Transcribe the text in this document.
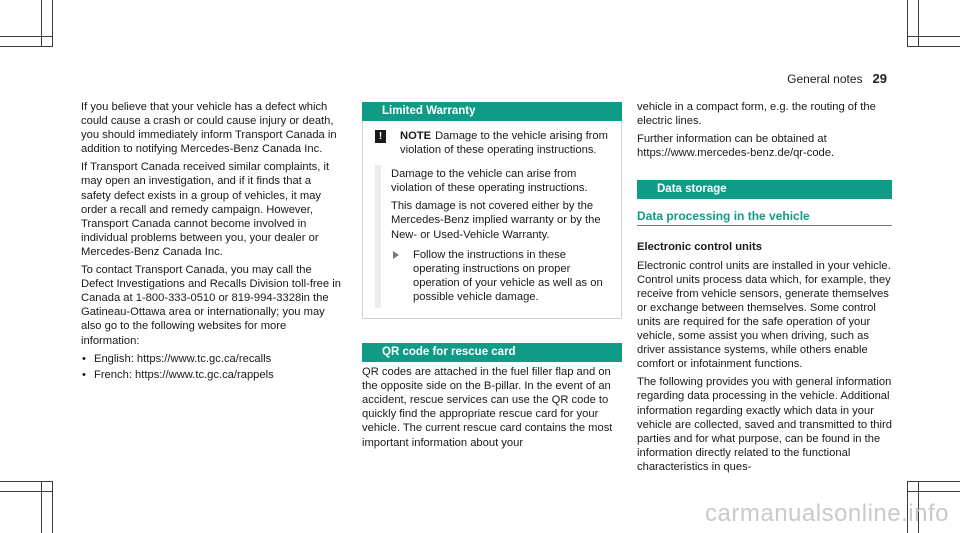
General notes 29

If you believe that your vehicle has a defect which could cause a crash or could cause injury or death, you should immediately inform Transport Canada in addition to notifying Mercedes-Benz Canada Inc.

If Transport Canada received similar complaints, it may open an investigation, and if it finds that a safety defect exists in a group of vehicles, it may order a recall and remedy campaign. However, Transport Canada cannot become involved in individual problems between you, your dealer or Mercedes-Benz Canada Inc.

To contact Transport Canada, you may call the Defect Investigations and Recalls Division toll-free in Canada at 1-800-333-0510 or 819-994-3328in the Gatineau-Ottawa area or internationally; you may also go to the following websites for more information:

• English: https://www.tc.gc.ca/recalls
• French: https://www.tc.gc.ca/rappels
Limited Warranty
!	NOTE Damage to the vehicle arising from violation of these operating instructions.

Damage to the vehicle can arise from violation of these operating instructions.

This damage is not covered either by the Mercedes-Benz implied warranty or by the New- or Used-Vehicle Warranty.

Follow the instructions in these operating instructions on proper operation of your vehicle as well as on possible vehicle damage.
QR code for rescue card

QR codes are attached in the fuel filler flap and on the opposite side on the B-pillar. In the event of an accident, rescue services can use the QR code to quickly find the appropriate rescue card for your vehicle. The current rescue card contains the most important information about your

vehicle in a compact form, e.g. the routing of the electric lines.

Further information can be obtained at https://www.mercedes-benz.de/qr-code.

Data storage
Data processing in the vehicle

Electronic control units

Electronic control units are installed in your vehicle. Control units process data which, for example, they receive from vehicle sensors, generate themselves or exchange between themselves. Some control units are required for the safe operation of your vehicle, some assist you when driving, such as driver assistance systems, while others enable comfort or infotainment functions.

The following provides you with general information regarding data processing in the vehicle. Additional information regarding exactly which data in your vehicle are collected, saved and transmitted to third parties and for what purpose, can be found in the information directly related to the functional characteristics in ques-

carmanualsonline.info
